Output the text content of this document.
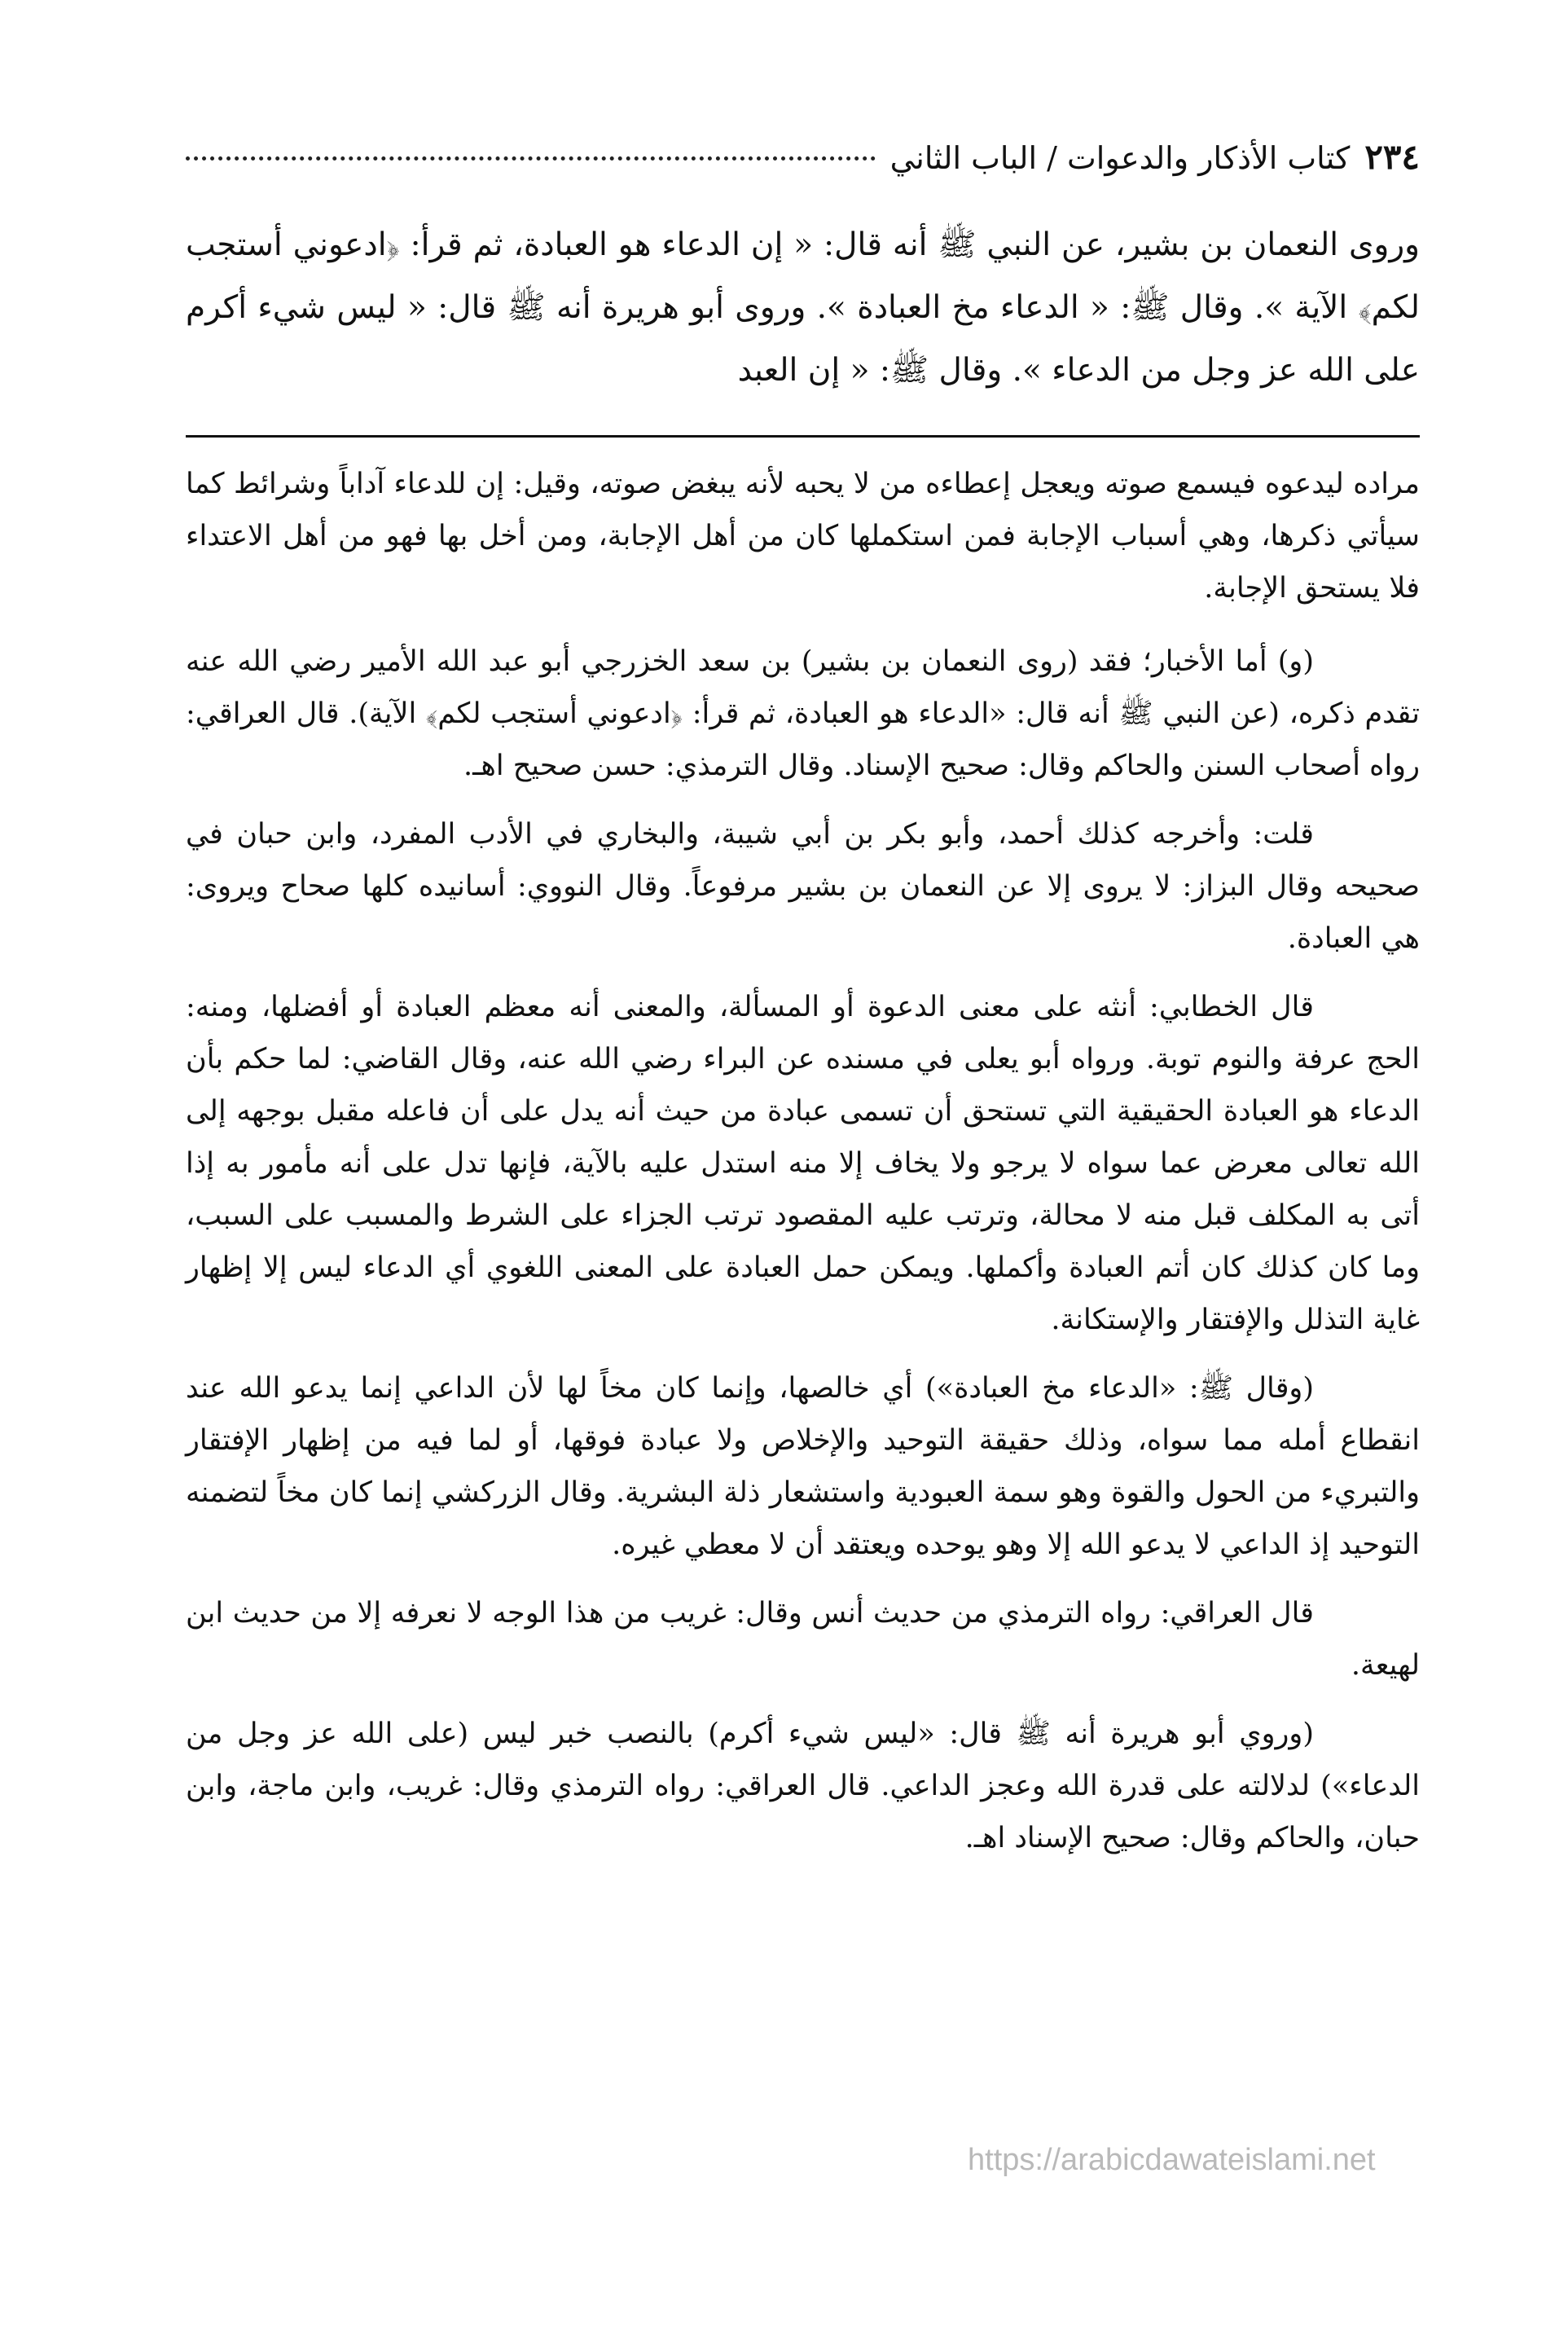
٢٣٤
كتاب الأذكار والدعوات / الباب الثاني

وروى النعمان بن بشير، عن النبي ﷺ أنه قال: « إن الدعاء هو العبادة، ثم قرأ: ﴿ادعوني أستجب لكم﴾ الآية ». وقال ﷺ: « الدعاء مخ العبادة ». وروى أبو هريرة أنه ﷺ قال: « ليس شيء أكرم على الله عز وجل من الدعاء ». وقال ﷺ: « إن العبد

مراده ليدعوه فيسمع صوته ويعجل إعطاءه من لا يحبه لأنه يبغض صوته، وقيل: إن للدعاء آداباً وشرائط كما سيأتي ذكرها، وهي أسباب الإجابة فمن استكملها كان من أهل الإجابة، ومن أخل بها فهو من أهل الاعتداء فلا يستحق الإجابة.

(و) أما الأخبار؛ فقد (روى النعمان بن بشير) بن سعد الخزرجي أبو عبد الله الأمير رضي الله عنه تقدم ذكره، (عن النبي ﷺ أنه قال: «الدعاء هو العبادة، ثم قرأ: ﴿ادعوني أستجب لكم﴾ الآية). قال العراقي: رواه أصحاب السنن والحاكم وقال: صحيح الإسناد. وقال الترمذي: حسن صحيح اهـ.

قلت: وأخرجه كذلك أحمد، وأبو بكر بن أبي شيبة، والبخاري في الأدب المفرد، وابن حبان في صحيحه وقال البزاز: لا يروى إلا عن النعمان بن بشير مرفوعاً. وقال النووي: أسانيده كلها صحاح ويروى: هي العبادة.

قال الخطابي: أنثه على معنى الدعوة أو المسألة، والمعنى أنه معظم العبادة أو أفضلها، ومنه: الحج عرفة والنوم توبة. ورواه أبو يعلى في مسنده عن البراء رضي الله عنه، وقال القاضي: لما حكم بأن الدعاء هو العبادة الحقيقية التي تستحق أن تسمى عبادة من حيث أنه يدل على أن فاعله مقبل بوجهه إلى الله تعالى معرض عما سواه لا يرجو ولا يخاف إلا منه استدل عليه بالآية، فإنها تدل على أنه مأمور به إذا أتى به المكلف قبل منه لا محالة، وترتب عليه المقصود ترتب الجزاء على الشرط والمسبب على السبب، وما كان كذلك كان أتم العبادة وأكملها. ويمكن حمل العبادة على المعنى اللغوي أي الدعاء ليس إلا إظهار غاية التذلل والإفتقار والإستكانة.

(وقال ﷺ: «الدعاء مخ العبادة») أي خالصها، وإنما كان مخاً لها لأن الداعي إنما يدعو الله عند انقطاع أمله مما سواه، وذلك حقيقة التوحيد والإخلاص ولا عبادة فوقها، أو لما فيه من إظهار الإفتقار والتبريء من الحول والقوة وهو سمة العبودية واستشعار ذلة البشرية. وقال الزركشي إنما كان مخاً لتضمنه التوحيد إذ الداعي لا يدعو الله إلا وهو يوحده ويعتقد أن لا معطي غيره.

قال العراقي: رواه الترمذي من حديث أنس وقال: غريب من هذا الوجه لا نعرفه إلا من حديث ابن لهيعة.

(وروي أبو هريرة أنه ﷺ قال: «ليس شيء أكرم) بالنصب خبر ليس (على الله عز وجل من الدعاء») لدلالته على قدرة الله وعجز الداعي. قال العراقي: رواه الترمذي وقال: غريب، وابن ماجة، وابن حبان، والحاكم وقال: صحيح الإسناد اهـ.

https://arabicdawateislami.net
